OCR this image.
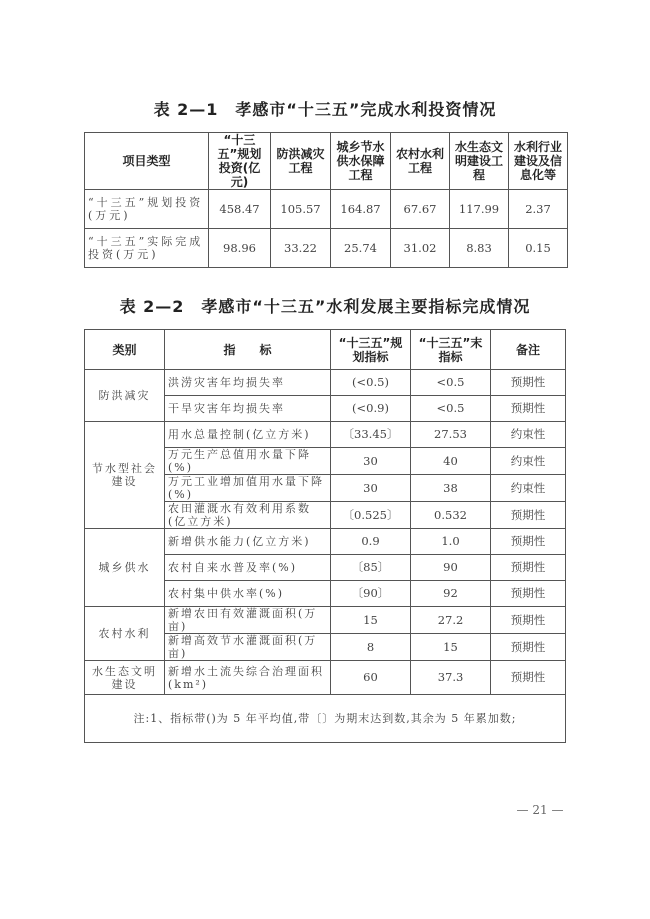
表 2—1　孝感市“十三五”完成水利投资情况
项目类型	“十三五”规划投资(亿元)	防洪减灾工程	城乡节水供水保障工程	农村水利工程	水生态文明建设工程	水利行业建设及信息化等
“十三五”规划投资(万元)	458.47	105.57	164.87	67.67	117.99	2.37
“十三五”实际完成投资(万元)	98.96	33.22	25.74	31.02	8.83	0.15
表 2—2　孝感市“十三五”水利发展主要指标完成情况
类别	指　　标	“十三五”规划指标	“十三五”末指标	备注
防洪减灾	洪涝灾害年均损失率	(<0.5)	<0.5	预期性
	干旱灾害年均损失率	(<0.9)	<0.5	预期性
节水型社会建设	用水总量控制(亿立方米)	〔33.45〕	27.53	约束性
	万元生产总值用水量下降(%)	30	40	约束性
	万元工业增加值用水量下降(%)	30	38	约束性
	农田灌溉水有效利用系数(亿立方米)	〔0.525〕	0.532	预期性
城乡供水	新增供水能力(亿立方米)	0.9	1.0	预期性
	农村自来水普及率(%)	〔85〕	90	预期性
	农村集中供水率(%)	〔90〕	92	预期性
农村水利	新增农田有效灌溉面积(万亩)	15	27.2	预期性
	新增高效节水灌溉面积(万亩)	8	15	预期性
水生态文明建设	新增水土流失综合治理面积(km²)	60	37.3	预期性
注:1、指标带()为 5 年平均值,带〔〕为期末达到数,其余为 5 年累加数;				
— 21 —
